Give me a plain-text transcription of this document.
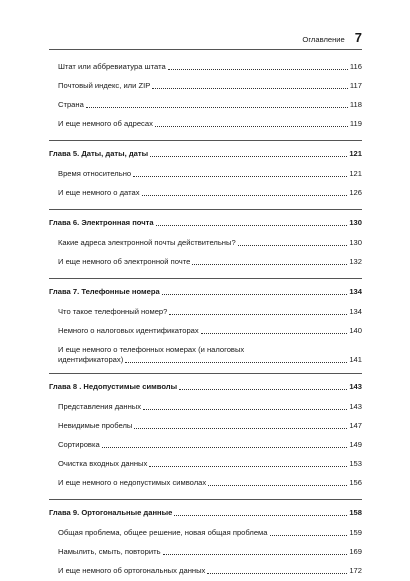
Оглавление 7
Штат или аббревиатура штата	116
Почтовый индекс, или ZIP	117
Страна	118
И еще немного об адресах	119
Глава 5. Даты, даты, даты	121
Время относительно	121
И еще немного о датах	126
Глава 6. Электронная почта	130
Какие адреса электронной почты действительны?	130
И еще немного об электронной почте	132
Глава 7. Телефонные номера	134
Что такое телефонный номер?	134
Немного о налоговых идентификаторах	140
И еще немного о телефонных номерах (и налоговых
идентификаторах)	141
Глава 8 . Недопустимые символы	143
Представления данных	143
Невидимые пробелы	147
Сортировка	149
Очистка входных данных	153
И еще немного о недопустимых символах	156
Глава 9. Ортогональные данные	158
Общая проблема, общее решение, новая общая проблема	159
Намылить, смыть, повторить	169
И еще немного об ортогональных данных	172
